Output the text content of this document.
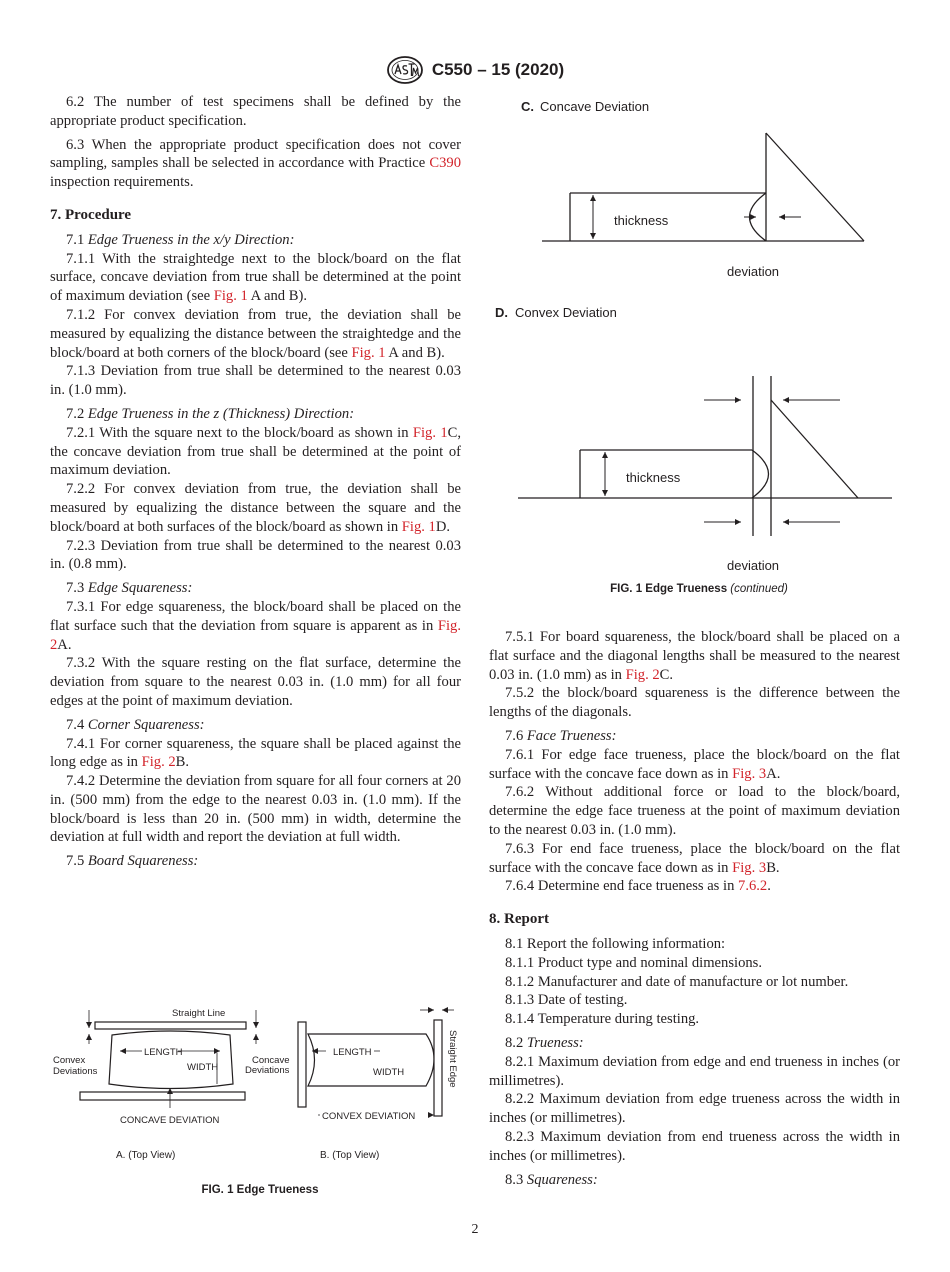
C550 – 15 (2020)

6.2 The number of test specimens shall be defined by the appropriate product specification.

6.3 When the appropriate product specification does not cover sampling, samples shall be selected in accordance with Practice C390 inspection requirements.

7. Procedure

7.1 Edge Trueness in the x/y Direction:

7.1.1 With the straightedge next to the block/board on the flat surface, concave deviation from true shall be determined at the point of maximum deviation (see Fig. 1 A and B).

7.1.2 For convex deviation from true, the deviation shall be measured by equalizing the distance between the straightedge and the block/board at both corners of the block/board (see Fig. 1 A and B).

7.1.3 Deviation from true shall be determined to the nearest 0.03 in. (1.0 mm).

7.2 Edge Trueness in the z (Thickness) Direction:

7.2.1 With the square next to the block/board as shown in Fig. 1C, the concave deviation from true shall be determined at the point of maximum deviation.

7.2.2 For convex deviation from true, the deviation shall be measured by equalizing the distance between the square and the block/board at both surfaces of the block/board as shown in Fig. 1D.

7.2.3 Deviation from true shall be determined to the nearest 0.03 in. (0.8 mm).

7.3 Edge Squareness:

7.3.1 For edge squareness, the block/board shall be placed on the flat surface such that the deviation from square is apparent as in Fig. 2A.

7.3.2 With the square resting on the flat surface, determine the deviation from square to the nearest 0.03 in. (1.0 mm) for all four edges at the point of maximum deviation.

7.4 Corner Squareness:

7.4.1 For corner squareness, the square shall be placed against the long edge as in Fig. 2B.

7.4.2 Determine the deviation from square for all four corners at 20 in. (500 mm) from the edge to the nearest 0.03 in. (1.0 mm). If the block/board is less than 20 in. (500 mm) in width, determine the deviation at full width and report the deviation at full width.

7.5 Board Squareness:

Straight Line
LENGTH
WIDTH
Convex
Deviations
CONCAVE DEVIATION
A. (Top View)
LENGTH
WIDTH	Straight Edge
Concave
Deviations
CONVEX DEVIATION
B. (Top View)
FIG. 1 Edge Trueness
C. Concave Deviation
thickness
deviation
D. Convex Deviation
thickness
deviation
FIG. 1 Edge Trueness (continued)

7.5.1 For board squareness, the block/board shall be placed on a flat surface and the diagonal lengths shall be measured to the nearest 0.03 in. (1.0 mm) as in Fig. 2C.

7.5.2 the block/board squareness is the difference between the lengths of the diagonals.

7.6 Face Trueness:

7.6.1 For edge face trueness, place the block/board on the flat surface with the concave face down as in Fig. 3A.

7.6.2 Without additional force or load to the block/board, determine the edge face trueness at the point of maximum deviation to the nearest 0.03 in. (1.0 mm).

7.6.3 For end face trueness, place the block/board on the flat surface with the concave face down as in Fig. 3B.

7.6.4 Determine end face trueness as in 7.6.2.

8. Report

8.1 Report the following information:

8.1.1 Product type and nominal dimensions.

8.1.2 Manufacturer and date of manufacture or lot number.

8.1.3 Date of testing.

8.1.4 Temperature during testing.

8.2 Trueness:

8.2.1 Maximum deviation from edge and end trueness in inches (or millimetres).

8.2.2 Maximum deviation from edge trueness across the width in inches (or millimetres).

8.2.3 Maximum deviation from end trueness across the width in inches (or millimetres).

8.3 Squareness:

2
